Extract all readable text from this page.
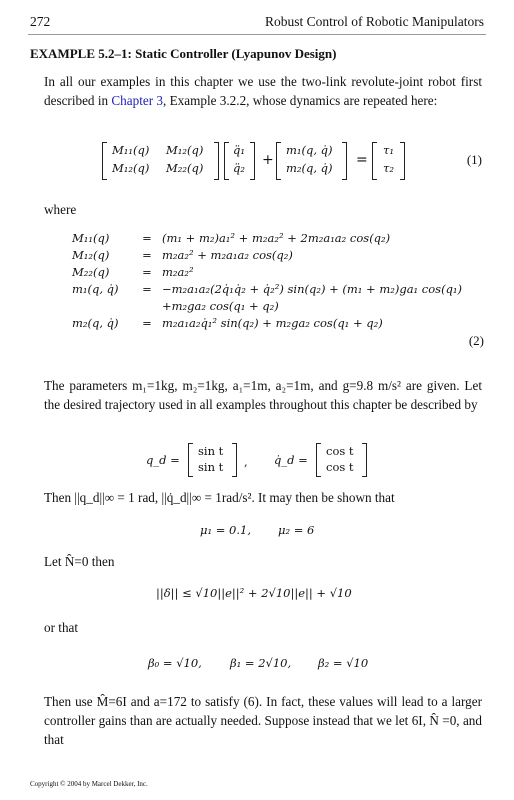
272	Robust Control of Robotic Manipulators
EXAMPLE 5.2–1: Static Controller (Lyapunov Design)
In all our examples in this chapter we use the two-link revolute-joint robot first described in Chapter 3, Example 3.2.2, whose dynamics are repeated here:
M₁₁(q) M₁₂(q)
M₁₂(q) M₂₂(q)
q̈₁
q̈₂ +
m₁(q, q̇)
m₂(q, q̇) =
τ₁
τ₂
(1)
where
M₁₁(q)	=	(m₁ + m₂)a₁² + m₂a₂² + 2m₂a₁a₂ cos(q₂)
M₁₂(q)	=	m₂a₂² + m₂a₁a₂ cos(q₂)
M₂₂(q)	=	m₂a₂²
m₁(q, q̇)	=	−m₂a₁a₂(2q̇₁q̇₂ + q̇₂²) sin(q₂) + (m₁ + m₂)ga₁ cos(q₁)
		+m₂ga₂ cos(q₁ + q₂)
m₂(q, q̇)	=	m₂a₁a₂q̇₁² sin(q₂) + m₂ga₂ cos(q₁ + q₂)
(2)
The parameters m₁=1kg, m₂=1kg, a₁=1m, a₂=1m, and g=9.8 m/s² are given. Let the desired trajectory used in all examples throughout this chapter be described by
q_d =
sin t
sin t , q̇_d =
cos t
cos t
Then ||q_d||∞ = 1 rad, ||q̇_d||∞ = 1rad/s². It may then be shown that
μ₁ = 0.1, μ₂ = 6
Let N̂=0 then
||δ|| ≤ √10||e||² + 2√10||e|| + √10
or that
β₀ = √10, β₁ = 2√10, β₂ = √10
Then use M̂=6I and a=172 to satisfy (6). In fact, these values will lead to a larger controller gains than are actually needed. Suppose instead that we let 6I, N̂ =0, and that
Copyright © 2004 by Marcel Dekker, Inc.
